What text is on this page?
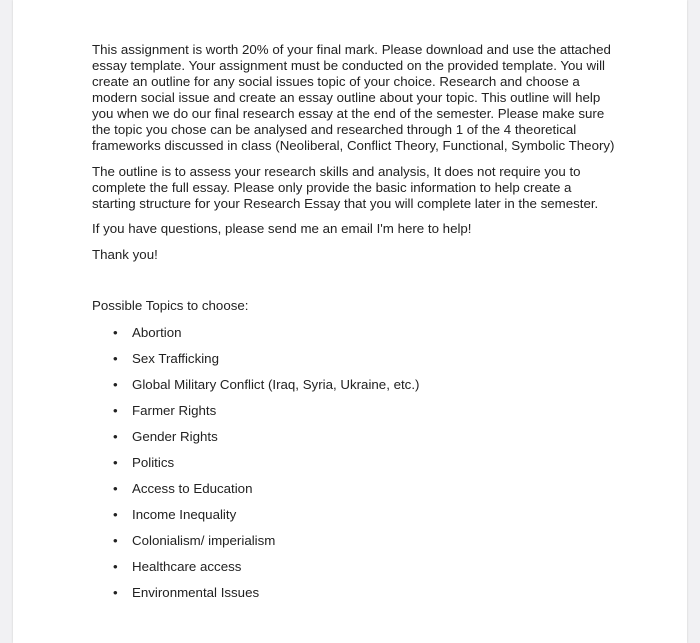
This assignment is worth 20% of your final mark. Please download and use the attached essay template. Your assignment must be conducted on the provided template. You will create an outline for any social issues topic of your choice. Research and choose a modern social issue and create an essay outline about your topic. This outline will help you when we do our final research essay at the end of the semester. Please make sure the topic you chose can be analysed and researched through 1 of the 4 theoretical frameworks discussed in class (Neoliberal, Conflict Theory, Functional, Symbolic Theory)
The outline is to assess your research skills and analysis, It does not require you to complete the full essay. Please only provide the basic information to help create a starting structure for your Research Essay that you will complete later in the semester.
If you have questions, please send me an email I'm here to help!
Thank you!
Possible Topics to choose:
• Abortion
• Sex Trafficking
• Global Military Conflict (Iraq, Syria, Ukraine, etc.)
• Farmer Rights
• Gender Rights
• Politics
• Access to Education
• Income Inequality
• Colonialism/ imperialism
• Healthcare access
• Environmental Issues
